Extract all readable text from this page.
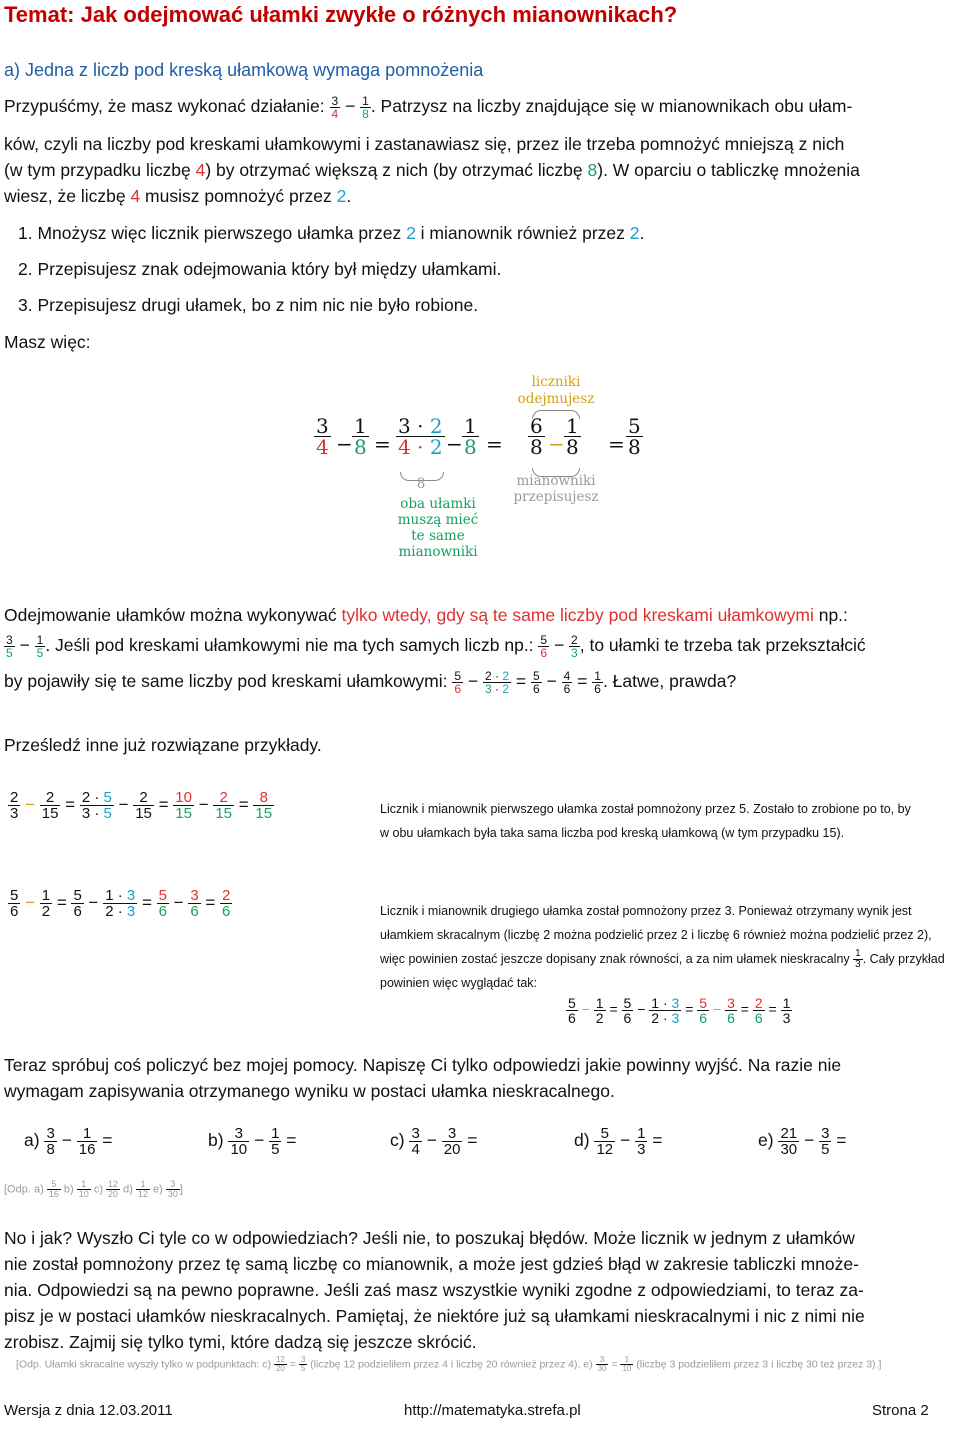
Temat: Jak odejmować ułamki zwykłe o różnych mianownikach?
a) Jedna z liczb pod kreską ułamkową wymaga pomnożenia
Przypuśćmy, że masz wykonać działanie: $\frac{3}{4} - \frac{1}{8}$ . Patrzysz na liczby znajdujące się w mianownikach obu ułam-
ków, czyli na liczby pod kreskami ułamkowymi i zastanawiasz się, przez ile trzeba pomnożyć mniejszą z nich
(w tym przypadku liczbę 4) by otrzymać większą z nich (by otrzymać liczbę 8). W oparciu o tabliczkę mnożenia
wiesz, że liczbę 4 musisz pomnożyć przez 2.
1. Mnożysz więc licznik pierwszego ułamka przez 2 i mianownik również przez 2.
2. Przepisujesz znak odejmowania który był między ułamkami.
3. Przepisujesz drugi ułamek, bo z nim nic nie było robione.
Masz więc:
liczniki
odejmujesz
$\frac{3}{4} - \frac{1}{8} = \frac{3 \cdot 2}{4 \cdot 2} - \frac{1}{8} = \frac{6}{8} - \frac{1}{8} = \frac{5}{8}$
8
oba ułamki
muszą mieć
te same
mianowniki
mianowniki
przepisujesz
Odejmowanie ułamków można wykonywać tylko wtedy, gdy są te same liczby pod kreskami ułamkowymi np.:
$\frac{3}{5} - \frac{1}{5}$ . Jeśli pod kreskami ułamkowymi nie ma tych samych liczb np.: $\frac{5}{6} - \frac{2}{3}$ , to ułamki te trzeba tak przekształcić
by pojawiły się te same liczby pod kreskami ułamkowymi: $\frac{5}{6} - \frac{2 \cdot 2}{3 \cdot 2} = \frac{5}{6} - \frac{4}{6} = \frac{1}{6}$ . Łatwe, prawda?
Prześledź inne już rozwiązane przykłady.
$\frac{2}{3} - \frac{2}{15} = \frac{2 \cdot 5}{3 \cdot 5} - \frac{2}{15} = \frac{10}{15} - \frac{2}{15} = \frac{8}{15}$	Licznik i mianownik pierwszego ułamka został pomnożony przez 5. Zostało to zrobione po to, by
w obu ułamkach była taka sama liczba pod kreską ułamkową (w tym przypadku 15).
$\frac{5}{6} - \frac{1}{2} = \frac{5}{6} - \frac{1 \cdot 3}{2 \cdot 3} = \frac{5}{6} - \frac{3}{6} = \frac{2}{6}$	Licznik i mianownik drugiego ułamka został pomnożony przez 3. Ponieważ otrzymany wynik jest
ułamkiem skracalnym (liczbę 2 można podzielić przez 2 i liczbę 6 również można podzielić przez 2),
więc powinien zostać jeszcze dopisany znak równości, a za nim ułamek nieskracalny $\frac{1}{3}$ . Cały przykład
powinien więc wyglądać tak:
$\frac{5}{6} - \frac{1}{2} = \frac{5}{6} - \frac{1 \cdot 3}{2 \cdot 3} = \frac{5}{6} - \frac{3}{6} = \frac{2}{6} = \frac{1}{3}$
Teraz spróbuj coś policzyć bez mojej pomocy. Napiszę Ci tylko odpowiedzi jakie powinny wyjść. Na razie nie
wymagam zapisywania otrzymanego wyniku w postaci ułamka nieskracalnego.
$a) \frac{3}{8} - \frac{1}{16}$ =	$b) \frac{3}{10} - \frac{1}{5}$ =	$c) \frac{3}{4} - \frac{3}{20}$ =	$d) \frac{5}{12} - \frac{1}{3}$ =	$e) \frac{21}{30} - \frac{3}{5}$ =
[Odp. $a) \frac{5}{16} b) \frac{1}{10} c) \frac{12}{20} d) \frac{1}{12} e) \frac{3}{30}$ ]
No i jak? Wyszło Ci tyle co w odpowiedziach? Jeśli nie, to poszukaj błędów. Może licznik w jednym z ułamków
nie został pomnożony przez tę samą liczbę co mianownik, a może jest gdzieś błąd w zakresie tabliczki mnoże-
nia. Odpowiedzi są na pewno poprawne. Jeśli zaś masz wszystkie wyniki zgodne z odpowiedziami, to teraz za-
pisz je w postaci ułamków nieskracalnych. Pamiętaj, że niektóre już są ułamkami nieskracalnymi i nic z nimi nie
zrobisz. Zajmij się tylko tymi, które dadzą się jeszcze skrócić.
[Odp. Ułamki skracalne wyszły tylko w podpunktach: $c) \frac{12}{20} = \frac{3}{5}$ (liczbę 12 podzieliłem przez 4 i liczbę 20 również przez 4), $e) \frac{3}{30} = \frac{1}{10}$ (liczbę 3 podzieliłem przez 3 i liczbę 30 też przez 3).]
Wersja z dnia 12.03.2011	http://matematyka.strefa.pl	Strona 2
